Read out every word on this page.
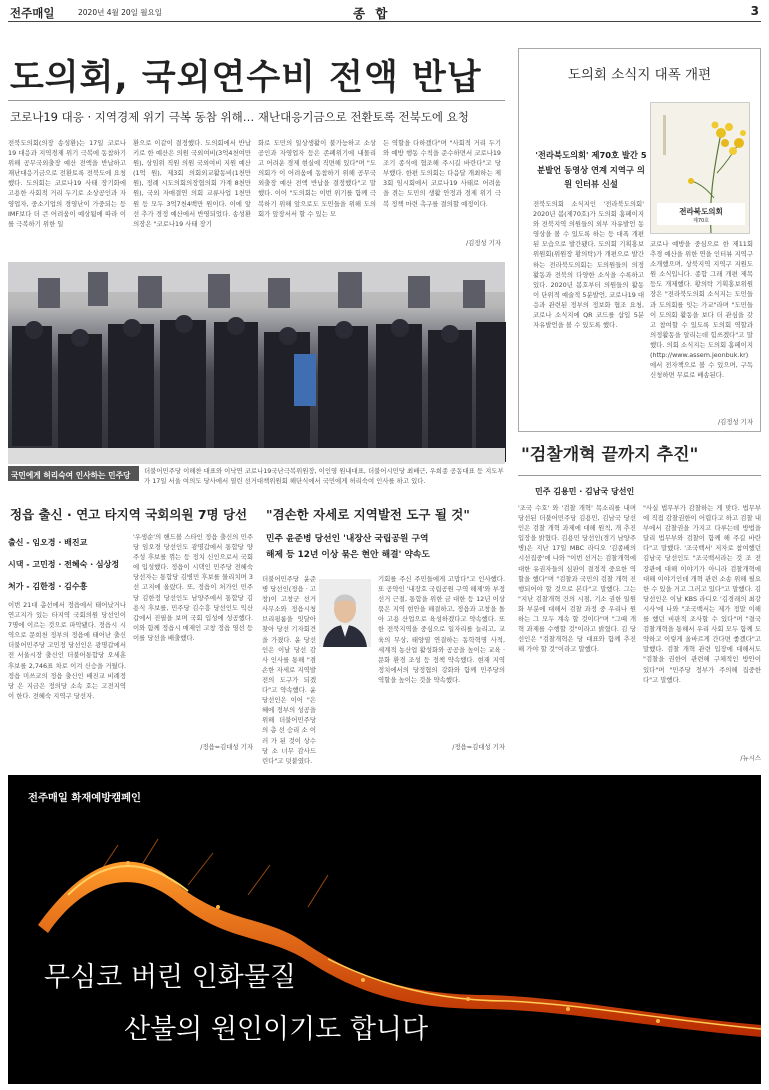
전주매일	2020년 4월 20일 월요일	종 합	3
도의회, 국외연수비 전액 반납
코로나19 대응 · 지역경제 위기 극복 동참 위해… 재난대응기금으로 전환토록 전북도에 요청
전북도의회(의장 송성환)는 17일 코로나19 대응과 지역경제 위기 극복에 동참하기 위해 공무국외출장 예산 전액을 반납하고 재난대응기금으로 전환토록 전북도에 요청했다. 도의회는 코로나19 사태 장기화에 고용한 사회적 거리 두기로 소상공인과 자영업자, 중소기업의 경영난이 가중되는 등 IMF보다 더 큰 어려움이 예상됨에 따라 이를 극복하기 위한 일
환으로 이같이 결정했다. 도의회에서 반납키로 한 예산은 의원 국외여비(3억4천여만 원), 상임위 직원 의원 국외여비 지원 예산(1억 원), 제3회 의회외교활동비(1천만 원), 정례 시도의회의장협의회 가계 8천만 원), 국외 자매결연 의회 교류사업 1천만 원 등 모두 3억7천4백만 원이다. 이에 앞선 추가 경정 예산에서 반영되었다. 송성환 의장은 "코로나19 사태 장기
화로 도민의 일상생활이 불가능하고 소상공인과 자영업자 등은 존폐위기에 내몰리고 어려운 경제 현실에 직면해 있다"며 "도의회가 이 어려움에 동참하기 위해 공무국외출장 예산 전액 반납을 결정했다"고 말했다. 이어 "도의회는 이번 위기를 함께 극복하기 위해 앞으로도 도민들을 위해 도의회가 앞장서서 할 수 있는 모
든 역할을 다하겠다"며 "사회적 거리 두기와 예방 행동 수칙을 준수하면서 코로나19 조기 종식에 협조해 주시길 바란다"고 당부했다. 한편 도의회는 다음달 개최하는 제3회 임시회에서 코로나19 사태로 어려움을 겪는 도민의 생활 안정과 경제 위기 극복 정책 마련 촉구를 결의할 예정이다.
/김정성 기자
도의회 소식지 대폭 개편
'전라북도의회' 제70호 발간 5분발언 동영상 연계 지역구 의원 인터뷰 신설
전라북도의회
제70호
전북도의회 소식지인 '전라북도의회' 2020년 봄(제70호)가 도의회 홈페이지와 전북지역 의원들의 외부 자유발언 동영상을 볼 수 있도록 하는 등 대폭 개편된 모습으로 발간됐다. 도의회 기획홍보위원회(위원장 황의탁)가 개편으로 발간하는 전라북도의회는 도의원들의 의정활동과 전북의 다양한 소식을 수록하고 있다. 2020년 봄호부터 의원들의 활동이 단위적 예술적 5분발언, 코로나19 대응과 관련된 정부의 정보화 협조 요청, 코로나 소식지에 QR 코드를 삽입 5분 자유발언을 볼 수 있도록 했다.
코로나 예방을 중심으로 한 제11회 추경 예산을 위한 연을 인터뷰 지역구 소개했으며, 상북지역 지역구 지원도 원 소식입니다. 종합 그래 개편 제목 등도 개제했다. 황의탁 기획홍보위원장은 "전라북도의회 소식지는 도민들과 도의회를 잇는 가교"라며 "도민들이 도의회 활동을 보다 더 관심을 갖고 참여할 수 있도록 도의회 역할과 의정활동을 알리는데 힘쓰겠다"고 말했다. 의회 소식지는 도의회 홈페이지(http://www.assem.jeonbuk.kr)에서 전자책으로 볼 수 있으며, 구독신청하면 무료로 배송된다.
/김정성 기자
국민에게 허리숙여 인사하는 민주당	더불어민주당 이해찬 대표와 이낙연 코로나19국난극복위원장, 이인영 원내대표, 더불어시민당 최배근, 우희종 공동대표 등 지도부가 17일 서울 여의도 당사에서 열린 선거대책위원회 해단식에서 국민에게 허리숙여 인사를 하고 있다.
"검찰개혁 끝까지 추진"
민주 김용민 · 김남국 당선인
'조국 수호' 와 '검찰 개혁' 목소리를 내며 당선된 더불어민주당 김용민, 김남국 당선인은 검찰 개혁 과제에 대해 원칙, 개 추진 입장을 밝혔다. 김용민 당선인(경기 남양주병)은 지난 17일 MBC 라디오 '김종배의 시선집중'에 나와 "이번 선거는 검찰개혁에 대한 유권자들의 심판이 결정적 중요한 역할을 했다"며 "검찰과 국민의 검찰 개혁 진행되어야 할 것으로 본다"고 말했다. 그는 "지난 검찰개혁 건의 시점, 기소 권한 일원화 부분에 대해서 검찰 과정 중 우리나 원하는 그 모두 계속 할 것이다"며 "그때 개혁 과제를 수행할 것"이라고 밝혔다. 김 당선인은 "검찰개혁은 당 대표와 함께 추진해 가야 할 것"이라고 말했다.
"사실 법무부가 감찰하는 게 맞다. 법무부에 직접 감찰권한이 어렵다고 하고 검찰 내부에서 감찰권을 가지고 다루는데 방법을 달리 법무부와 검찰이 함께 해 주길 바란다"고 말했다. '조국백서' 저자로 참여했던 김남국 당선인도 "조국백서라는 것 조 전 장관에 대해 이야기가 아니라 검찰개혁에 대해 이야기인데 개혁 관련 소송 위해 필요한 수 있을 거고 그러고 있다"고 말했다. 김 당선인은 이날 KBS 라디오 '김경래의 최강시사'에 나와 "조국백서는 제가 정말 이해를 했던 비판적 조사할 수 있다"며 "결국 검찰개혁을 통해서 우리 사회 모두 함께 도약하고 이렇게 올바르게 간다면 좋겠다"고 말했다. 검찰 개혁 관련 입장에 대해서도 "검찰을 권한이 관련해 구체적인 방안이 있다"며 "민주당 정부가 주의해 집중한다"고 말했다.
/뉴시스
정읍 출신 · 연고 타지역 국회의원 7명 당선
출신 - 임오경 · 배진교
시댁 - 고민정 · 전혜숙 · 심상정
처가 - 김한정 · 김수흥
이번 21대 총선에서 정읍에서 태어났거나 연고지가 있는 타지역 국회의원 당선인이 7명에 이르는 것으로 파악됐다. 정읍시 시역으로 문희천 정부의 정읍에 태어난 출신 더불어민주당 고민정 당선인은 광명갑에서 전 서울시장 출신인 더불어통합당 오세훈 후보를 2,746표 차로 이겨 신승을 거뒀다. 정읍 미쓰코의 정읍 출신인 배진교 비례정당 은 지금은 정의당 소속 호는 고전지역 이 한다. 전혜숙 지역구 당선자.
'우생순'의 핸드볼 스타인 정읍 출신의 민주당 임오경 당선인도 광명갑에서 통합당 양주성 후보를 꺾는 등 정치 신인으로서 국회에 입성했다. 정읍이 시댁인 민주당 전혜숙 당선자는 통합당 김병민 후보를 물리치며 3선 고지에 올랐다. 또, 정읍이 처가인 민주당 김한정 당선인도 남양주에서 통합당 김용식 후보를, 민주당 김수흥 당선인도 익산 갑에서 진필을 보며 국회 입성에 성공했다. 이와 함께 정읍시 매제인 고창 정읍 영선 등 이를 당선을 배출했다.
/정읍=김대성 기자
"겸손한 자세로 지역발전 도구 될 것"
민주 윤준병 당선인 '내장산 국립공원 구역
해제 등 12년 이상 묶은 현안 해결' 약속도
더불어민주당 윤준병 당선인(정읍 · 고창)이 고창군 선거사무소와 정읍시청 브리핑룸을 잇달아 찾아 당선 기자회견을 가졌다. 윤 당선인은 이날 당선 감사 인사를 통해 "겸손한 자세로 지역발전의 도구가 되겠다"고 약속했다. 윤 당선인은 이어 "은혜에 정부의 성공을 위해 더불어민주당의 총 선 승리 소 이러 가 된 것이 상수 당 소 너무 감사드린다"고 덧붙였다.
기회를 주신 주민들에게 고맙다"고 인사했다. 또 공약인 '내장호 국립공원 구역 해제'와 부정선거 근절, 통합을 위한 금 대한 등 12년 이상 묶은 지역 현안을 해결하고, 정읍과 고창을 돌아 고용 산업으로 육성하겠다고 약속했다. 또한 전북지역을 중심으로 일자리를 늘리고, 교육의 무상, 태양열 연결하는 동학혁명 사적, 세계적 농산업 활성화와 공공을 높이는 교육 · 문화 환경 조성 등 정책 약속했다. 현재 지역 정치에서의 당정협의 강화와 함께 민주당의 역할을 높이는 것을 약속했다.
/정읍=김대성 기자
전주매일 화재예방캠페인
무심코 버린 인화물질
산불의 원인이기도 합니다
